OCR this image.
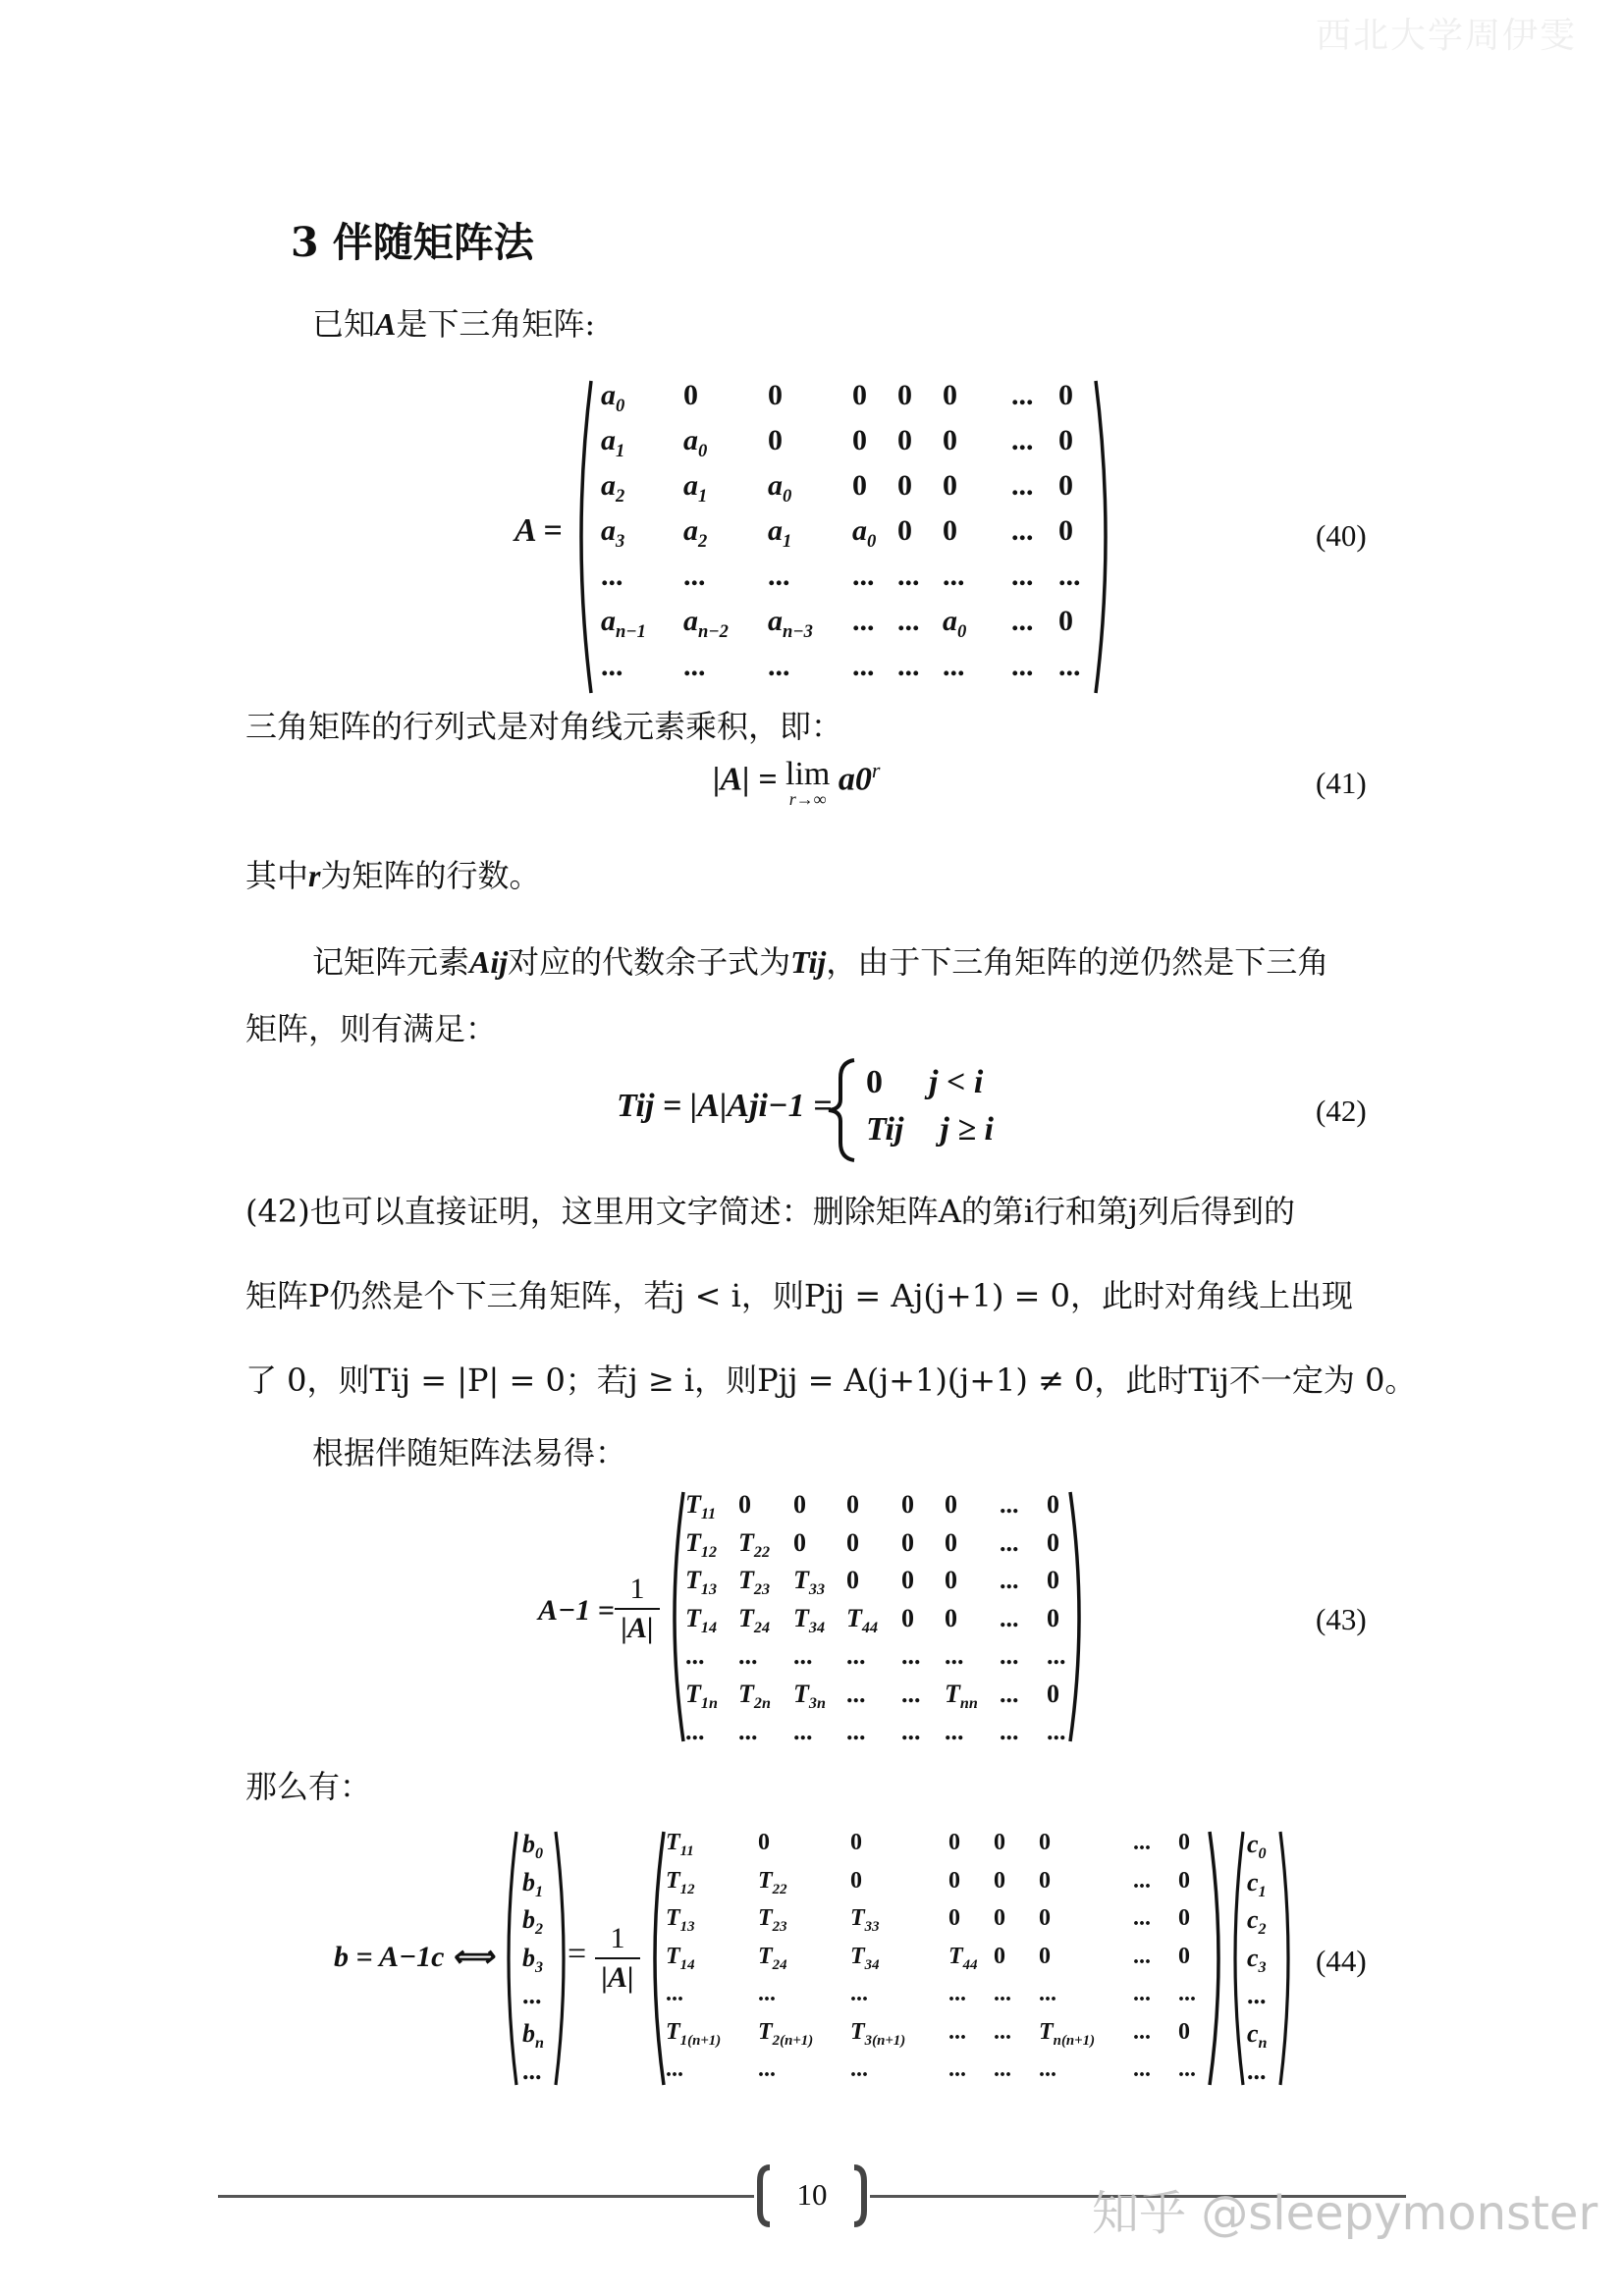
西北大学周伊雯
3 伴随矩阵法
已知A是下三角矩阵:
A =
$a_0$ 0 0 0 0 0 ... 0
$a_1$ $a_0$ 0 0 0 0 ... 0
$a_2$ $a_1$ $a_0$ 0 0 0 ... 0
$a_3$ $a_2$ $a_1$ $a_0$ 0 0 ... 0
... ... ... ... ... ... ... ...
$a_{n-1}$ $a_{n-2}$ $a_{n-3}$ ... ... $a_0$ ... 0
... ... ... ... ... ... ... ...
(40)
三角矩阵的行列式是对角线元素乘积，即：
|A| = lim
r→∞
a0$^r$	(41)
其中r为矩阵的行数。
记矩阵元素Aij对应的代数余子式为Tij，由于下三角矩阵的逆仍然是下三角
矩阵，则有满足：
Tij = |A|Aji−1 =
0 j < i
Tij j ≥ i
(42)
(42)也可以直接证明，这里用文字简述：删除矩阵A的第i行和第j列后得到的
矩阵P仍然是个下三角矩阵，若j < i，则Pjj = Aj(j+1) = 0，此时对角线上出现
了 0，则Tij = |P| = 0；若j ≥ i，则Pjj = A(j+1)(j+1) ≠ 0，此时Tij不一定为 0。
根据伴随矩阵法易得：
A−1 =
1
|A|
$T_{11}$ 0 0 0 0 0 ... 0
$T_{12}$ $T_{22}$ 0 0 0 0 ... 0
$T_{13}$ $T_{23}$ $T_{33}$ 0 0 0 ... 0
$T_{14}$ $T_{24}$ $T_{34}$ $T_{44}$ 0 0 ... 0
... ... ... ... ... ... ... ...
$T_{1n}$ $T_{2n}$ $T_{3n}$ ... ... $T_{nn}$ ... 0
... ... ... ... ... ... ... ...
(43)
那么有：
b = A−1c ⟺
$b_0$
$b_1$
$b_2$
$b_3$
...
$b_n$
...
= 1
|A|
$T_{11}$	0	0	0 0 0	... 0
$T_{12}$	$T_{22}$	0	0 0 0	... 0
$T_{13}$	$T_{23}$	$T_{33}$	0 0 0	... 0
$T_{14}$	$T_{24}$	$T_{34}$	$T_{44}$ 0 0	... 0
...	...	...	... ... ...	... ...
$T_{1(n+1)}$ $T_{2(n+1)}$ $T_{3(n+1)}$ ... ... $T_{n(n+1)}$ ... 0
...	...	...	... ... ...	... ...
$c_0$
$c_1$
$c_2$
$c_3$
...
$c_n$
...
(44)
10	知乎 @sleepymonster
